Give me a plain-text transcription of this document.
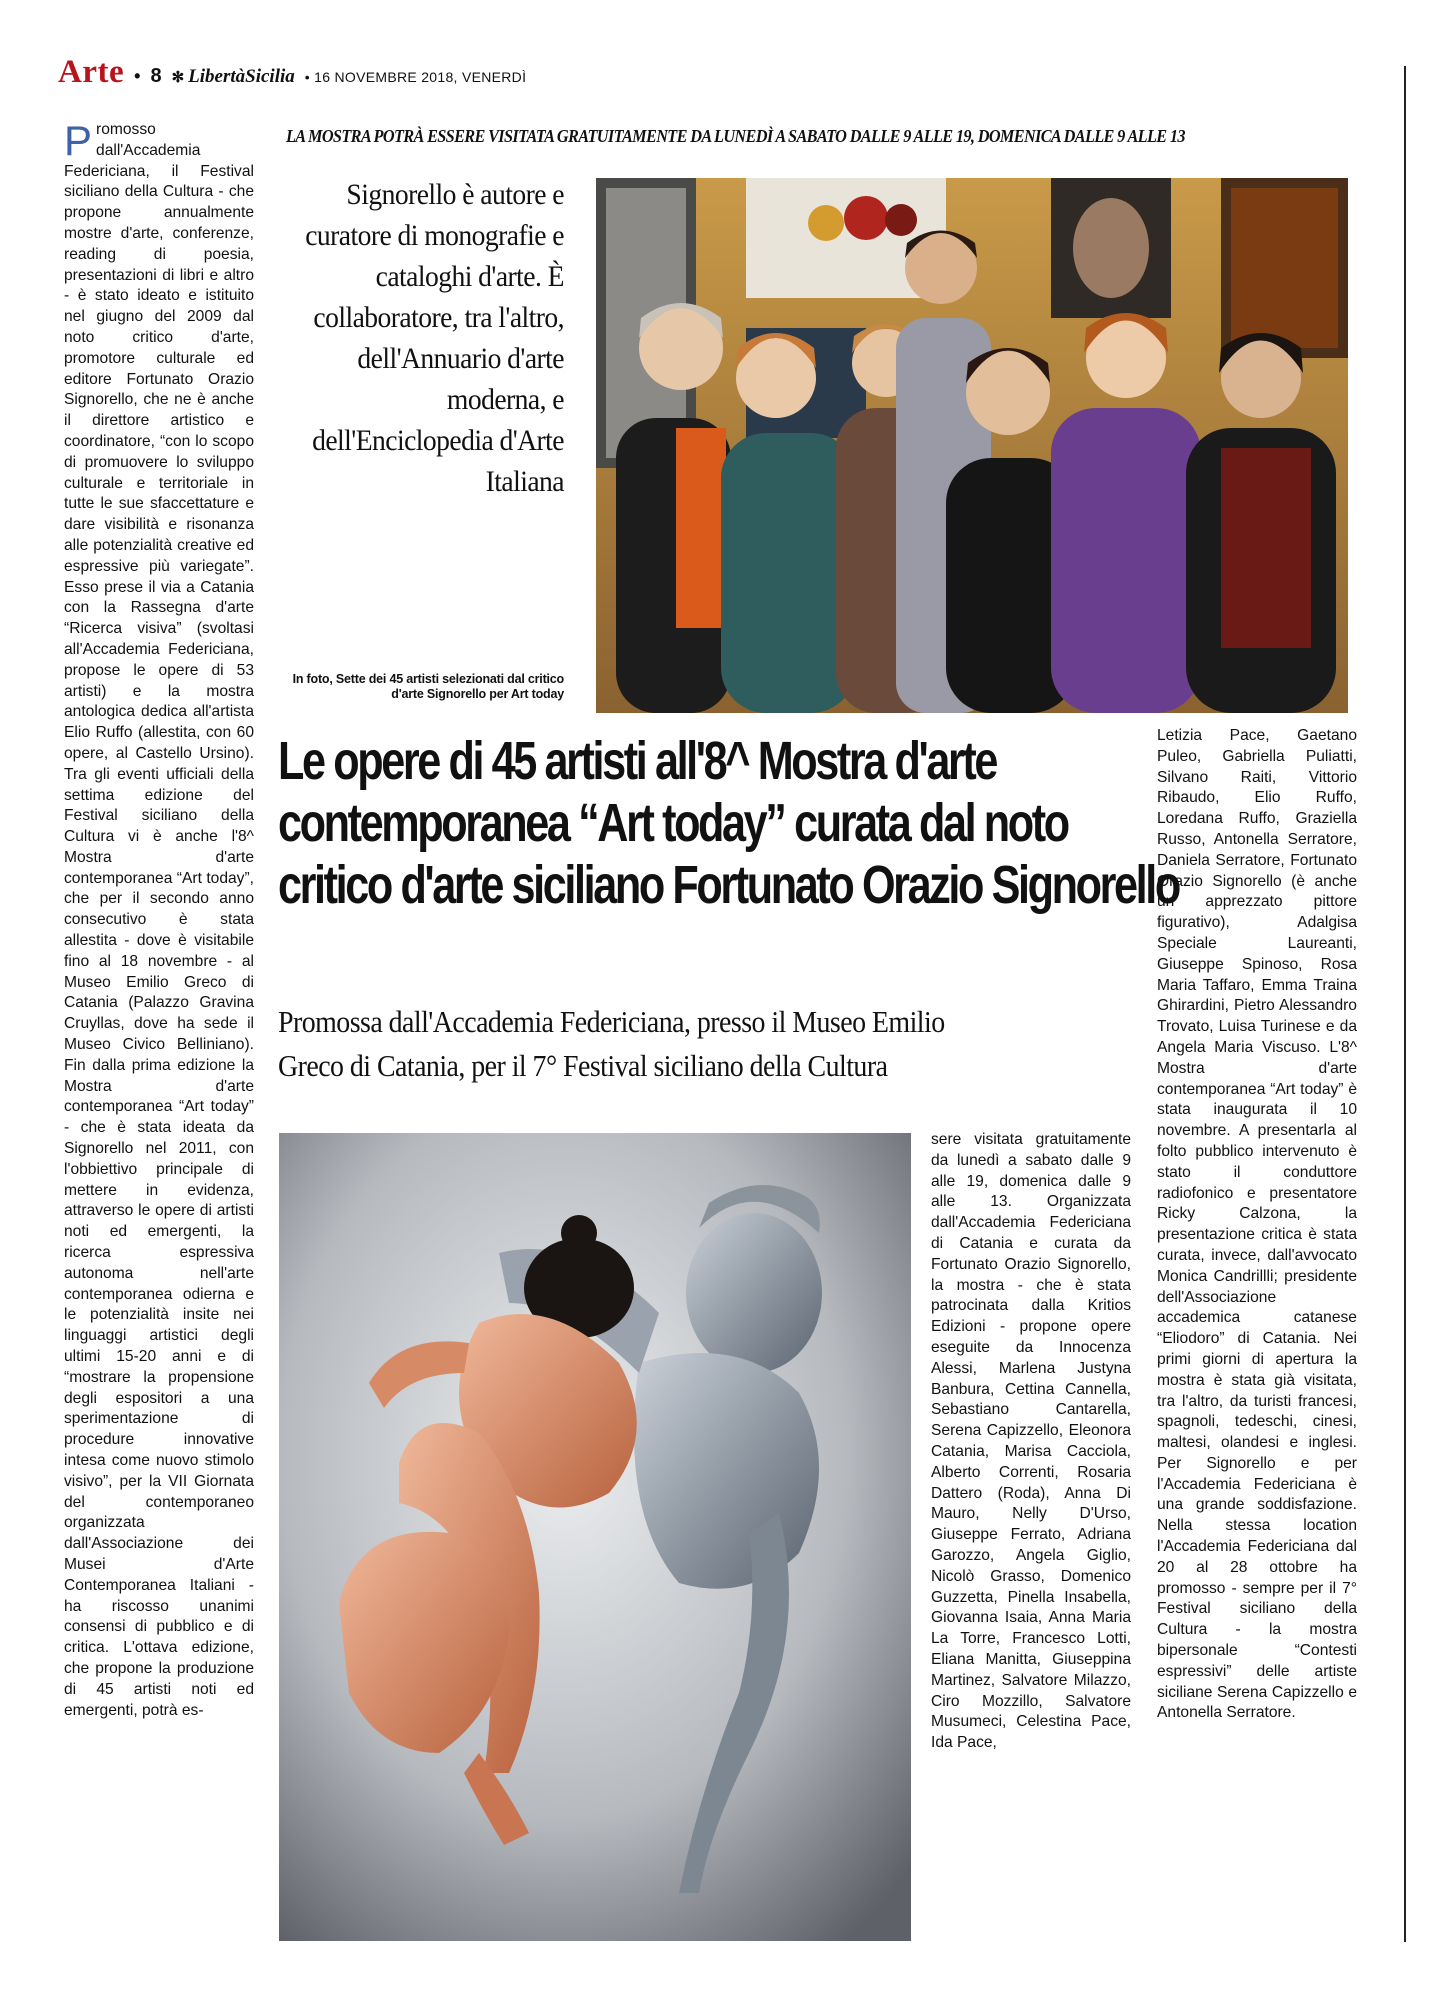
Arte • 8 ✻ LibertàSicilia • 16 NOVEMBRE 2018, VENERDÌ
LA MOSTRA POTRÀ ESSERE VISITATA GRATUITAMENTE DA LUNEDÌ A SABATO DALLE 9 ALLE 19, DOMENICA DALLE 9 ALLE 13

Promosso dall'Accademia Federiciana, il Festival siciliano della Cultura - che propone annualmente mostre d'arte, conferenze, reading di poesia, presentazioni di libri e altro - è stato ideato e istituito nel giugno del 2009 dal noto critico d'arte, promotore culturale ed editore Fortunato Orazio Signorello, che ne è anche il direttore artistico e coordinatore, “con lo scopo di promuovere lo sviluppo culturale e territoriale in tutte le sue sfaccettature e dare visibilità e risonanza alle potenzialità creative ed espressive più variegate”. Esso prese il via a Catania con la Rassegna d'arte “Ricerca visiva” (svoltasi all'Accademia Federiciana, propose le opere di 53 artisti) e la mostra antologica dedica all'artista Elio Ruffo (allestita, con 60 opere, al Castello Ursino). Tra gli eventi ufficiali della settima edizione del Festival siciliano della Cultura vi è anche l'8^ Mostra d'arte contemporanea “Art today”, che per il secondo anno consecutivo è stata allestita - dove è visitabile fino al 18 novembre - al Museo Emilio Greco di Catania (Palazzo Gravina Cruyllas, dove ha sede il Museo Civico Belliniano). Fin dalla prima edizione la Mostra d'arte contemporanea “Art today” - che è stata ideata da Signorello nel 2011, con l'obbiettivo principale di mettere in evidenza, attraverso le opere di artisti noti ed emergenti, la ricerca espressiva autonoma nell'arte contemporanea odierna e le potenzialità insite nei linguaggi artistici degli ultimi 15-20 anni e di “mostrare la propensione degli espositori a una sperimentazione di procedure innovative intesa come nuovo stimolo visivo”, per la VII Giornata del contemporaneo organizzata dall'Associazione dei Musei d'Arte Contemporanea Italiani - ha riscosso unanimi consensi di pubblico e di critica. L'ottava edizione, che propone la produzione di 45 artisti noti ed emergenti, potrà es-

Signorello è autore e curatore di monografie e cataloghi d'arte. È collaboratore, tra l'altro, dell'Annuario d'arte moderna, e dell'Enciclopedia d'Arte Italiana
In foto, Sette dei 45 artisti selezionati dal critico d'arte Signorello per Art today
Le opere di 45 artisti all'8^ Mostra d'arte
contemporanea “Art today” curata dal noto
critico d'arte siciliano Fortunato Orazio Signorello
Promossa dall'Accademia Federiciana, presso il Museo Emilio
Greco di Catania, per il 7° Festival siciliano della Cultura

sere visitata gratuitamente da lunedì a sabato dalle 9 alle 19, domenica dalle 9 alle 13. Organizzata dall'Accademia Federiciana di Catania e curata da Fortunato Orazio Signorello, la mostra - che è stata patrocinata dalla Kritios Edizioni - propone opere eseguite da Innocenza Alessi, Marlena Justyna Banbura, Cettina Cannella, Sebastiano Cantarella, Serena Capizzello, Eleonora Catania, Marisa Cacciola, Alberto Correnti, Rosaria Dattero (Roda), Anna Di Mauro, Nelly D'Urso, Giuseppe Ferrato, Adriana Garozzo, Angela Giglio, Nicolò Grasso, Domenico Guzzetta, Pinella Insabella, Giovanna Isaia, Anna Maria La Torre, Francesco Lotti, Eliana Manitta, Giuseppina Martinez, Salvatore Milazzo, Ciro Mozzillo, Salvatore Musumeci, Celestina Pace, Ida Pace,

Letizia Pace, Gaetano Puleo, Gabriella Puliatti, Silvano Raiti, Vittorio Ribaudo, Elio Ruffo, Loredana Ruffo, Graziella Russo, Antonella Serratore, Daniela Serratore, Fortunato Orazio Signorello (è anche un apprezzato pittore figurativo), Adalgisa Speciale Laureanti, Giuseppe Spinoso, Rosa Maria Taffaro, Emma Traina Ghirardini, Pietro Alessandro Trovato, Luisa Turinese e da Angela Maria Viscuso. L'8^ Mostra d'arte contemporanea “Art today” è stata inaugurata il 10 novembre. A presentarla al folto pubblico intervenuto è stato il conduttore radiofonico e presentatore Ricky Calzona, la presentazione critica è stata curata, invece, dall'avvocato Monica Candrillli; presidente dell'Associazione accademica catanese “Eliodoro” di Catania. Nei primi giorni di apertura la mostra è stata già visitata, tra l'altro, da turisti francesi, spagnoli, tedeschi, cinesi, maltesi, olandesi e inglesi. Per Signorello e per l'Accademia Federiciana è una grande soddisfazione. Nella stessa location l'Accademia Federiciana dal 20 al 28 ottobre ha promosso - sempre per il 7° Festival siciliano della Cultura - la mostra bipersonale “Contesti espressivi” delle artiste siciliane Serena Capizzello e Antonella Serratore.
